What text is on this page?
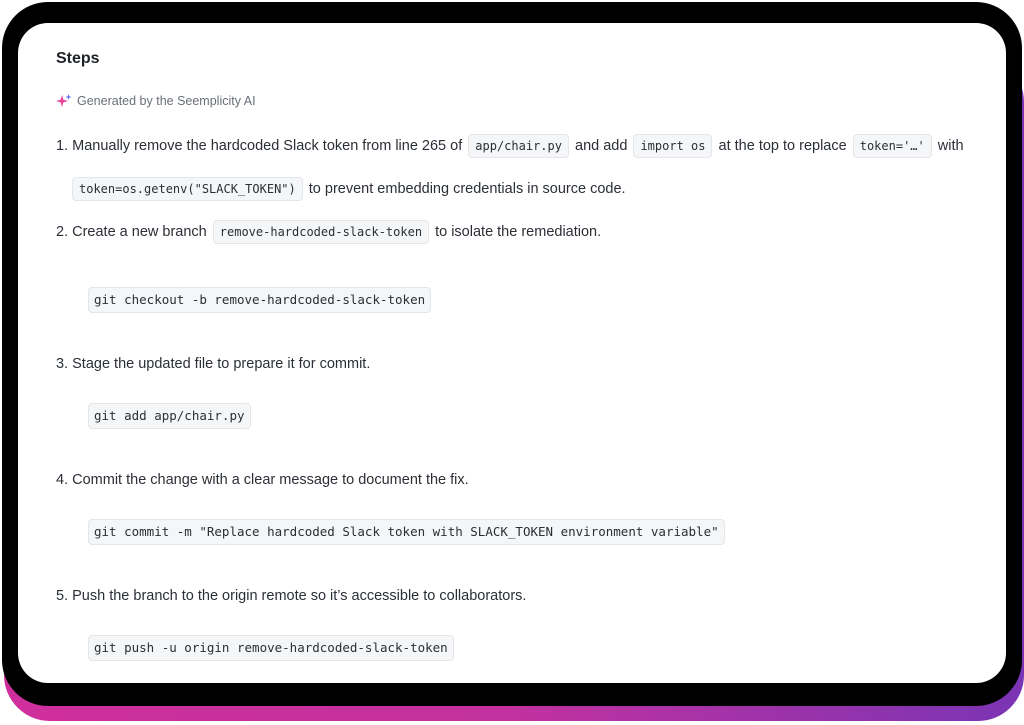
Steps
Generated by the Seemplicity AI
1. Manually remove the hardcoded Slack token from line 265 of app/chair.py and add import os at the top to replace token='…' with
token=os.getenv("SLACK_TOKEN") to prevent embedding credentials in source code.
2. Create a new branch remove-hardcoded-slack-token to isolate the remediation.
git checkout -b remove-hardcoded-slack-token
3. Stage the updated file to prepare it for commit.
git add app/chair.py
4. Commit the change with a clear message to document the fix.
git commit -m "Replace hardcoded Slack token with SLACK_TOKEN environment variable"
5. Push the branch to the origin remote so it’s accessible to collaborators.
git push -u origin remove-hardcoded-slack-token
